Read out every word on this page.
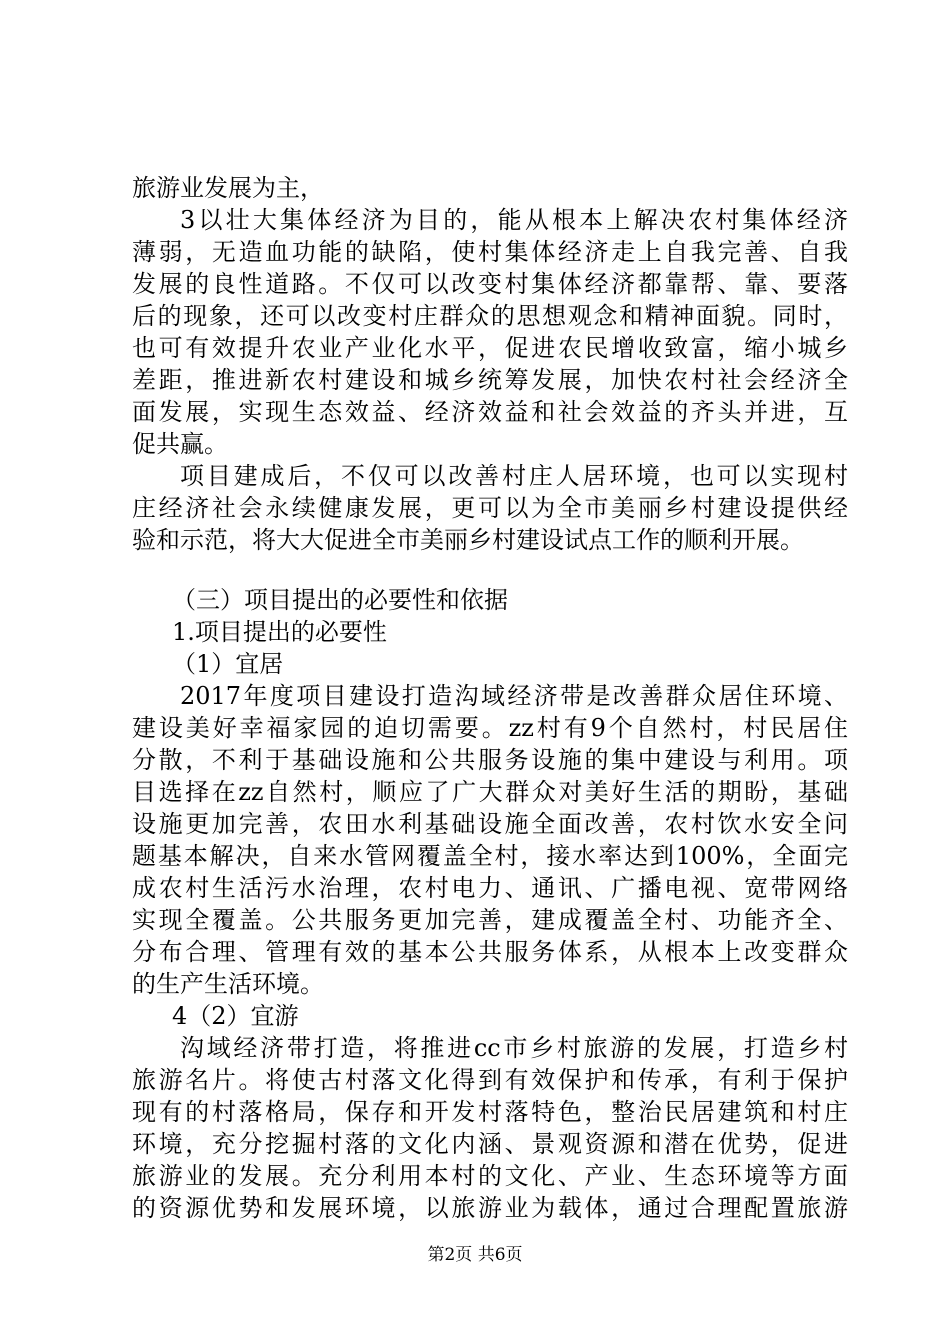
旅游业发展为主，
3以壮大集体经济为目的，能从根本上解决农村集体经济
薄弱，无造血功能的缺陷，使村集体经济走上自我完善、自我
发展的良性道路。不仅可以改变村集体经济都靠帮、靠、要落
后的现象，还可以改变村庄群众的思想观念和精神面貌。同时，
也可有效提升农业产业化水平，促进农民增收致富，缩小城乡
差距，推进新农村建设和城乡统筹发展，加快农村社会经济全
面发展，实现生态效益、经济效益和社会效益的齐头并进，互
促共赢。
项目建成后，不仅可以改善村庄人居环境，也可以实现村
庄经济社会永续健康发展，更可以为全市美丽乡村建设提供经
验和示范，将大大促进全市美丽乡村建设试点工作的顺利开展。
（三）项目提出的必要性和依据
1.项目提出的必要性
（1）宜居
2017年度项目建设打造沟域经济带是改善群众居住环境、
建设美好幸福家园的迫切需要。zz村有9个自然村，村民居住
分散，不利于基础设施和公共服务设施的集中建设与利用。项
目选择在zz自然村，顺应了广大群众对美好生活的期盼，基础
设施更加完善，农田水利基础设施全面改善，农村饮水安全问
题基本解决，自来水管网覆盖全村，接水率达到100%，全面完
成农村生活污水治理，农村电力、通讯、广播电视、宽带网络
实现全覆盖。公共服务更加完善，建成覆盖全村、功能齐全、
分布合理、管理有效的基本公共服务体系，从根本上改变群众
的生产生活环境。
4（2）宜游
沟域经济带打造，将推进cc市乡村旅游的发展，打造乡村
旅游名片。将使古村落文化得到有效保护和传承，有利于保护
现有的村落格局，保存和开发村落特色，整治民居建筑和村庄
环境，充分挖掘村落的文化内涵、景观资源和潜在优势，促进
旅游业的发展。充分利用本村的文化、产业、生态环境等方面
的资源优势和发展环境，以旅游业为载体，通过合理配置旅游
第2页 共6页
